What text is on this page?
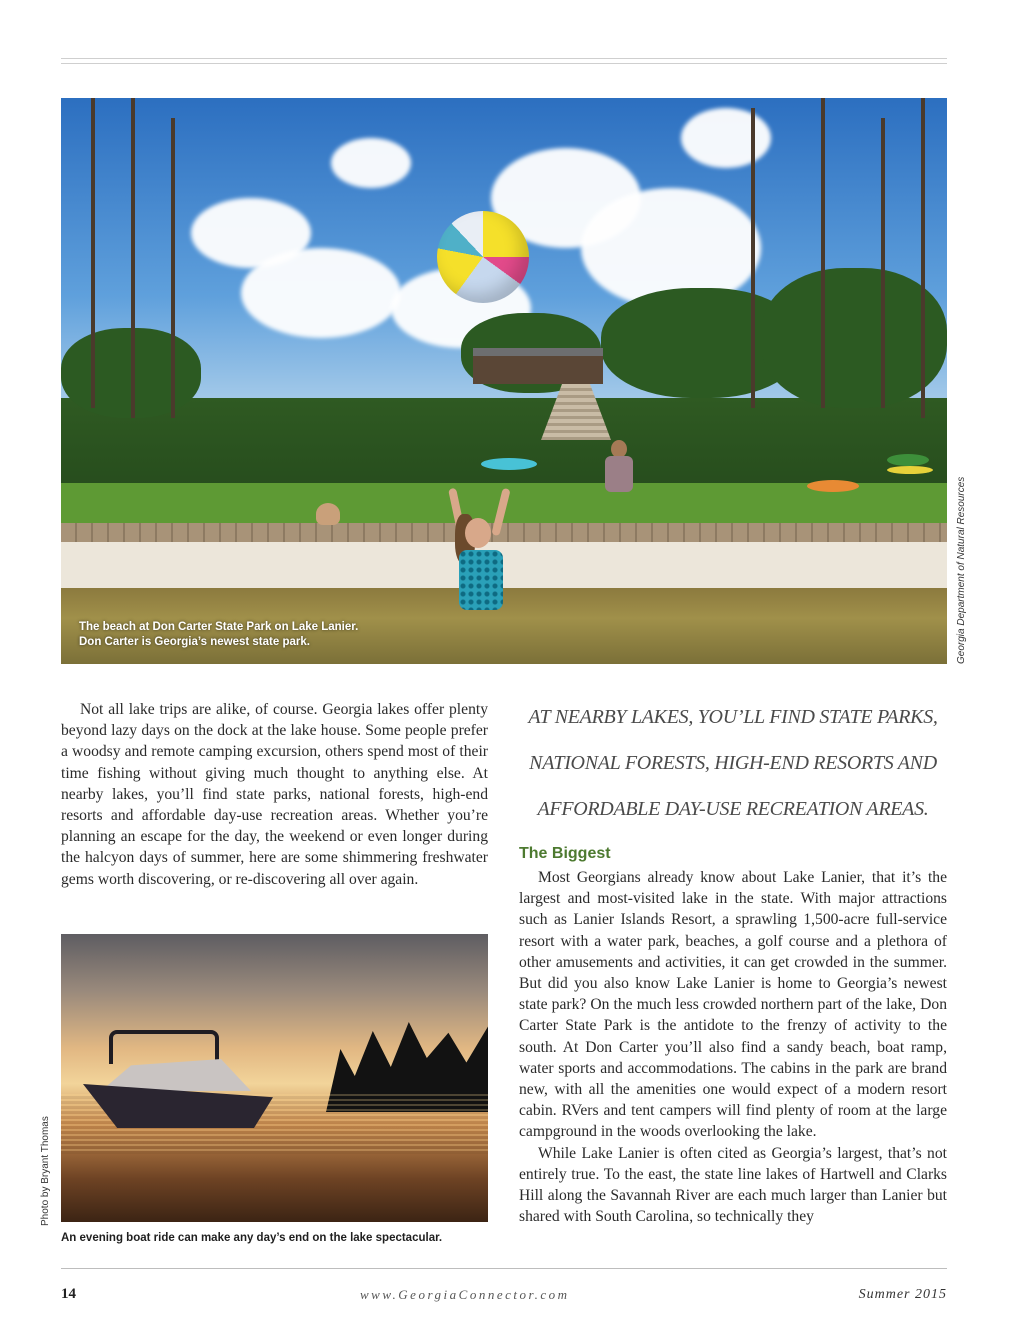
The beach at Don Carter State Park on Lake Lanier.
Don Carter is Georgia’s newest state park.	Georgia Department of Natural Resources

Not all lake trips are alike, of course. Georgia lakes offer plenty beyond lazy days on the dock at the lake house. Some people prefer a woodsy and remote camping excursion, others spend most of their time fishing without giving much thought to anything else. At nearby lakes, you’ll find state parks, national forests, high-end resorts and affordable day-use recreation areas. Whether you’re planning an escape for the day, the weekend or even longer during the halcyon days of summer, here are some shimmering freshwater gems worth discovering, or re-discovering all over again.

AT NEARBY LAKES, YOU’LL FIND STATE PARKS,
NATIONAL FORESTS, HIGH-END RESORTS AND
AFFORDABLE DAY-USE RECREATION AREAS.
The Biggest

Most Georgians already know about Lake Lanier, that it’s the largest and most-visited lake in the state. With major attractions such as Lanier Islands Resort, a sprawling 1,500-acre full-service resort with a water park, beaches, a golf course and a plethora of other amusements and activities, it can get crowded in the summer. But did you also know Lake Lanier is home to Georgia’s newest state park? On the much less crowded northern part of the lake, Don Carter State Park is the antidote to the frenzy of activity to the south. At Don Carter you’ll also find a sandy beach, boat ramp, water sports and accommodations. The cabins in the park are brand new, with all the amenities one would expect of a modern resort cabin. RVers and tent campers will find plenty of room at the large campground in the woods overlooking the lake.

While Lake Lanier is often cited as Georgia’s largest, that’s not entirely true. To the east, the state line lakes of Hartwell and Clarks Hill along the Savannah River are each much larger than Lanier but shared with South Carolina, so technically they

Photo by Bryant Thomas
An evening boat ride can make any day’s end on the lake spectacular.
14	www.GeorgiaConnector.com	Summer 2015
